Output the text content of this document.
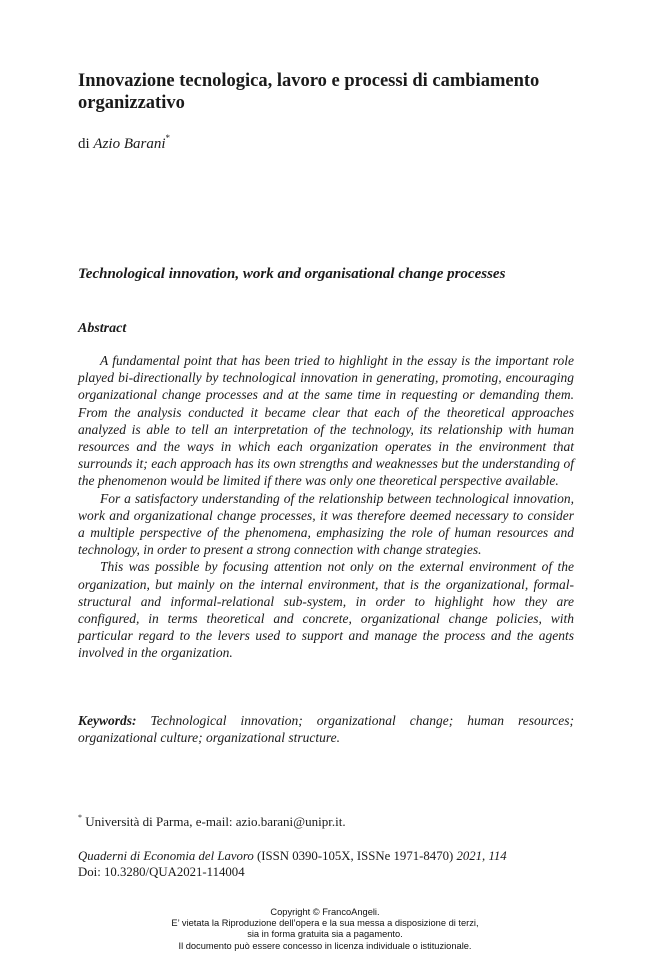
Innovazione tecnologica, lavoro e processi di cambiamento organizzativo
di Azio Barani*
Technological innovation, work and organisational change processes
Abstract

A fundamental point that has been tried to highlight in the essay is the important role played bi-directionally by technological innovation in generating, promoting, encouraging organizational change processes and at the same time in requesting or demanding them. From the analysis conducted it became clear that each of the theoretical approaches analyzed is able to tell an interpretation of the technology, its relationship with human resources and the ways in which each organization operates in the environment that surrounds it; each approach has its own strengths and weaknesses but the understanding of the phenomenon would be limited if there was only one theoretical perspective available.

For a satisfactory understanding of the relationship between technological innovation, work and organizational change processes, it was therefore deemed necessary to consider a multiple perspective of the phenomena, emphasizing the role of human resources and technology, in order to present a strong connection with change strategies.

This was possible by focusing attention not only on the external environment of the organization, but mainly on the internal environment, that is the organizational, formal-structural and informal-relational sub-system, in order to highlight how they are configured, in terms theoretical and concrete, organizational change policies, with particular regard to the levers used to support and manage the process and the agents involved in the organization.

Keywords: Technological innovation; organizational change; human resources; organizational culture; organizational structure.

* Università di Parma, e-mail: azio.barani@unipr.it.
Quaderni di Economia del Lavoro (ISSN 0390-105X, ISSNe 1971-8470) 2021, 114
Doi: 10.3280/QUA2021-114004
Copyright © FrancoAngeli.
E’ vietata la Riproduzione dell’opera e la sua messa a disposizione di terzi,
sia in forma gratuita sia a pagamento.
Il documento può essere concesso in licenza individuale o istituzionale.
